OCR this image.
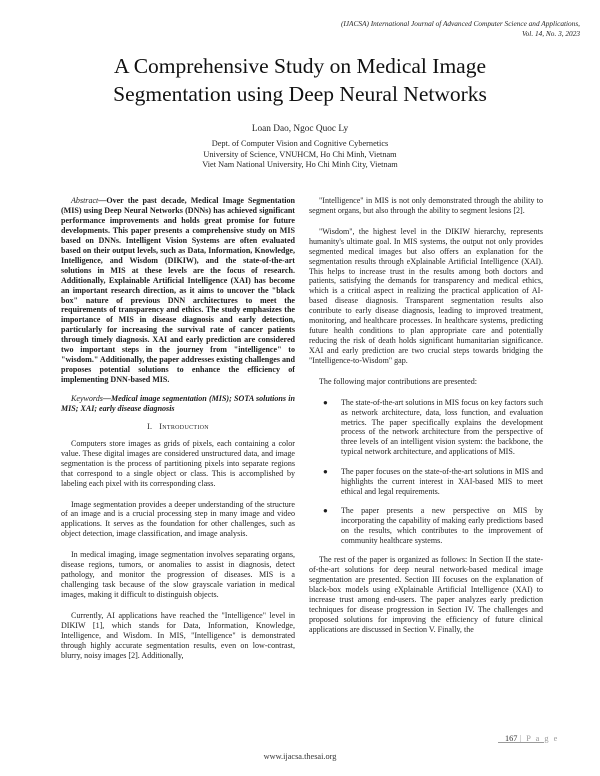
(IJACSA) International Journal of Advanced Computer Science and Applications,
Vol. 14, No. 3, 2023
A Comprehensive Study on Medical Image
Segmentation using Deep Neural Networks
Loan Dao, Ngoc Quoc Ly
Dept. of Computer Vision and Cognitive Cybernetics
University of Science, VNUHCM, Ho Chi Minh, Vietnam
Viet Nam National University, Ho Chi Minh City, Vietnam
Abstract—Over the past decade, Medical Image Segmentation (MIS) using Deep Neural Networks (DNNs) has achieved significant performance improvements and holds great promise for future developments. This paper presents a comprehensive study on MIS based on DNNs. Intelligent Vision Systems are often evaluated based on their output levels, such as Data, Information, Knowledge, Intelligence, and Wisdom (DIKIW), and the state-of-the-art solutions in MIS at these levels are the focus of research. Additionally, Explainable Artificial Intelligence (XAI) has become an important research direction, as it aims to uncover the "black box" nature of previous DNN architectures to meet the requirements of transparency and ethics. The study emphasizes the importance of MIS in disease diagnosis and early detection, particularly for increasing the survival rate of cancer patients through timely diagnosis. XAI and early prediction are considered two important steps in the journey from "intelligence" to "wisdom." Additionally, the paper addresses existing challenges and proposes potential solutions to enhance the efficiency of implementing DNN-based MIS.
Keywords—Medical image segmentation (MIS); SOTA solutions in MIS; XAI; early disease diagnosis
I. Introduction
Computers store images as grids of pixels, each containing a color value. These digital images are considered unstructured data, and image segmentation is the process of partitioning pixels into separate regions that correspond to a single object or class. This is accomplished by labeling each pixel with its corresponding class.
Image segmentation provides a deeper understanding of the structure of an image and is a crucial processing step in many image and video applications. It serves as the foundation for other challenges, such as object detection, image classification, and image analysis.
In medical imaging, image segmentation involves separating organs, disease regions, tumors, or anomalies to assist in diagnosis, detect pathology, and monitor the progression of diseases. MIS is a challenging task because of the slow grayscale variation in medical images, making it difficult to distinguish objects.
Currently, AI applications have reached the "Intelligence" level in DIKIW [1], which stands for Data, Information, Knowledge, Intelligence, and Wisdom. In MIS, "Intelligence" is demonstrated through highly accurate segmentation results, even on low-contrast, blurry, noisy images [2]. Additionally,
"Intelligence" in MIS is not only demonstrated through the ability to segment organs, but also through the ability to segment lesions [2].
"Wisdom", the highest level in the DIKIW hierarchy, represents humanity's ultimate goal. In MIS systems, the output not only provides segmented medical images but also offers an explanation for the segmentation results through eXplainable Artificial Intelligence (XAI). This helps to increase trust in the results among both doctors and patients, satisfying the demands for transparency and medical ethics, which is a critical aspect in realizing the practical application of AI-based disease diagnosis. Transparent segmentation results also contribute to early disease diagnosis, leading to improved treatment, monitoring, and healthcare processes. In healthcare systems, predicting future health conditions to plan appropriate care and potentially reducing the risk of death holds significant humanitarian significance. XAI and early prediction are two crucial steps towards bridging the "Intelligence-to-Wisdom" gap.
The following major contributions are presented:
● The state-of-the-art solutions in MIS focus on key factors such as network architecture, data, loss function, and evaluation metrics. The paper specifically explains the development process of the network architecture from the perspective of three levels of an intelligent vision system: the backbone, the typical network architecture, and applications of MIS.
● The paper focuses on the state-of-the-art solutions in MIS and highlights the current interest in XAI-based MIS to meet ethical and legal requirements.
● The paper presents a new perspective on MIS by incorporating the capability of making early predictions based on the results, which contributes to the improvement of community healthcare systems.
The rest of the paper is organized as follows: In Section II the state-of-the-art solutions for deep neural network-based medical image segmentation are presented. Section III focuses on the explanation of black-box models using eXplainable Artificial Intelligence (XAI) to increase trust among end-users. The paper analyzes early prediction techniques for disease progression in Section IV. The challenges and proposed solutions for improving the efficiency of future clinical applications are discussed in Section V. Finally, the
167 | P a g e
www.ijacsa.thesai.org
